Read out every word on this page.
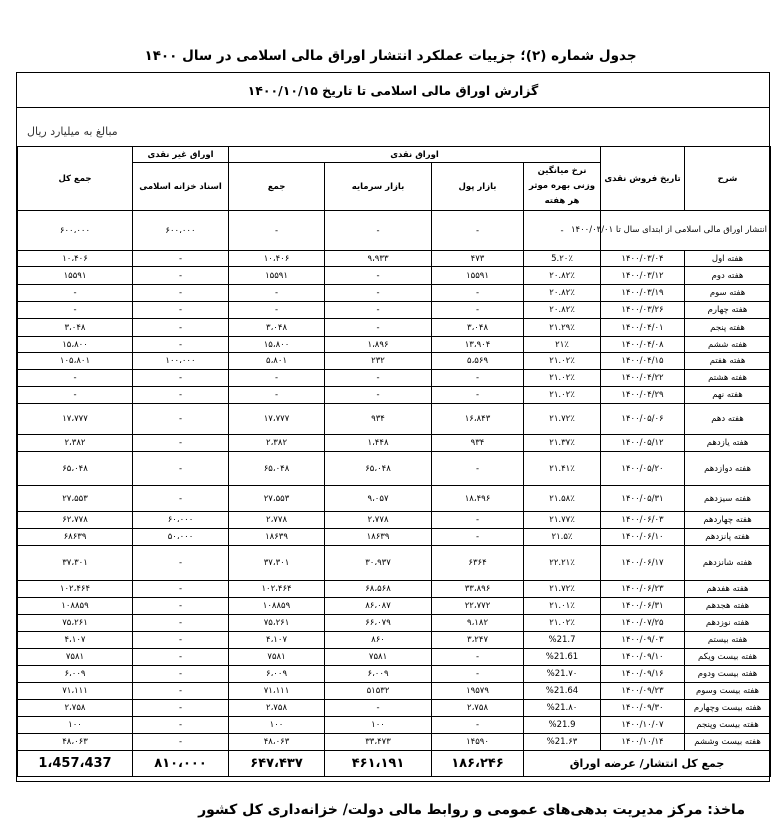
جدول شماره (۲)؛ جزییات عملکرد انتشار اوراق مالی اسلامی در سال ۱۴۰۰
گزارش اوراق مالی اسلامی تا تاریخ ۱۴۰۰/۱۰/۱۵
مبالغ به میلیارد ریال
شرح	تاریخ فروش نقدی	اوراق نقدی				اوراق غیر نقدی	جمع کل
		نرخ میانگین وزنی بهره موثر هر هفته	بازار پول	بازار سرمایه	جمع	اسناد خزانه اسلامی	
انتشار اوراق مالی اسلامی از ابتدای سال تا ۱۴۰۰/۰۳/۰۱		-	-	-	-	۶۰۰،۰۰۰	۶۰۰،۰۰۰
هفته اول	۱۴۰۰/۰۳/۰۴	5.۲۰٪	۴۷۳	۹،۹۳۳	۱۰،۴۰۶	-	۱۰،۴۰۶
هفته دوم	۱۴۰۰/۰۳/۱۲	۲۰.۸۲٪	۱۵۵۹۱	-	۱۵۵۹۱	-	۱۵۵۹۱
هفته سوم	۱۴۰۰/۰۳/۱۹	۲۰.۸۲٪	-	-	-	-	-
هفته چهارم	۱۴۰۰/۰۳/۲۶	۲۰.۸۲٪	-	-	-	-	-
هفته پنجم	۱۴۰۰/۰۴/۰۱	۲۱.۲۹٪	۳،۰۴۸	-	۳،۰۴۸	-	۳،۰۴۸
هفته ششم	۱۴۰۰/۰۴/۰۸	۲۱٪	۱۳،۹۰۴	۱،۸۹۶	۱۵،۸۰۰	-	۱۵،۸۰۰
هفته هفتم	۱۴۰۰/۰۴/۱۵	۲۱.۰۲٪	۵،۵۶۹	۲۳۲	۵،۸۰۱	۱۰۰،۰۰۰	۱۰۵،۸۰۱
هفته هشتم	۱۴۰۰/۰۴/۲۲	۲۱.۰۲٪	-	-	-	-	-
هفته نهم	۱۴۰۰/۰۴/۲۹	۲۱.۰۲٪	-	-	-	-	-
هفته دهم	۱۴۰۰/۰۵/۰۶	۲۱.۷۲٪	۱۶،۸۴۳	۹۳۴	۱۷،۷۷۷	-	۱۷،۷۷۷
هفته یازدهم	۱۴۰۰/۰۵/۱۲	۲۱.۳۷٪	۹۳۴	۱،۴۴۸	۲،۳۸۲	-	۲،۳۸۲
هفته دوازدهم	۱۴۰۰/۰۵/۲۰	۲۱.۴۱٪	-	۶۵،۰۴۸	۶۵،۰۴۸	-	۶۵،۰۴۸
هفته سیزدهم	۱۴۰۰/۰۵/۳۱	۲۱.۵۸٪	۱۸،۴۹۶	۹،۰۵۷	۲۷،۵۵۳	-	۲۷،۵۵۳
هفته چهاردهم	۱۴۰۰/۰۶/۰۳	۲۱.۷۷٪	-	۲،۷۷۸	۲،۷۷۸	۶۰،۰۰۰	۶۲،۷۷۸
هفته پانزدهم	۱۴۰۰/۰۶/۱۰	۲۱.۵٪	-	۱۸۶۳۹	۱۸۶۳۹	۵۰،۰۰۰	۶۸۶۳۹
هفته شانزدهم	۱۴۰۰/۰۶/۱۷	۲۲.۲۱٪	۶۳۶۴	۳۰،۹۳۷	۳۷،۳۰۱	-	۳۷،۳۰۱
هفته هفدهم	۱۴۰۰/۰۶/۲۳	۲۱.۷۲٪	۳۳،۸۹۶	۶۸،۵۶۸	۱۰۲،۴۶۴	-	۱۰۲،۴۶۴
هفته هجدهم	۱۴۰۰/۰۶/۳۱	۲۱.۰۱٪	۲۲،۷۷۲	۸۶،۰۸۷	۱۰۸۸۵۹	-	۱۰۸۸۵۹
هفته نوزدهم	۱۴۰۰/۰۷/۲۵	۲۱.۰۲٪	۹،۱۸۲	۶۶،۰۷۹	۷۵،۲۶۱	-	۷۵،۲۶۱
هفته بیستم	۱۴۰۰/۰۹/۰۳	%21.7	۳،۲۴۷	۸۶۰	۴،۱۰۷	-	۴،۱۰۷
هفته بیست ویکم	۱۴۰۰/۰۹/۱۰	%21.61	-	۷۵۸۱	۷۵۸۱	-	۷۵۸۱
هفته بیست ودوم	۱۴۰۰/۰۹/۱۶	%21.۷۰	-	۶،۰۰۹	۶،۰۰۹	-	۶،۰۰۹
هفته بیست وسوم	۱۴۰۰/۰۹/۲۳	%21.64	۱۹۵۷۹	۵۱۵۳۲	۷۱،۱۱۱	-	۷۱،۱۱۱
هفته بیست وچهارم	۱۴۰۰/۰۹/۳۰	%21.۸۰	۲،۷۵۸	-	۲،۷۵۸	-	۲،۷۵۸
هفته بیست وپنجم	۱۴۰۰/۱۰/۰۷	%21.9	-	۱۰۰	۱۰۰	-	۱۰۰
هفته بیست وششم	۱۴۰۰/۱۰/۱۴	%21.۶۳	۱۴۵۹۰	۳۳،۴۷۳	۴۸،۰۶۳	-	۴۸،۰۶۳
جمع کل انتشار/ عرضه اوراق			۱۸۶،۲۴۶	۴۶۱،۱۹۱	۶۴۷،۴۳۷	۸۱۰،۰۰۰	1،457،437
ماخذ: مرکز مدیریت بدهی‌های عمومی و روابط مالی دولت/ خزانه‌داری کل کشور
